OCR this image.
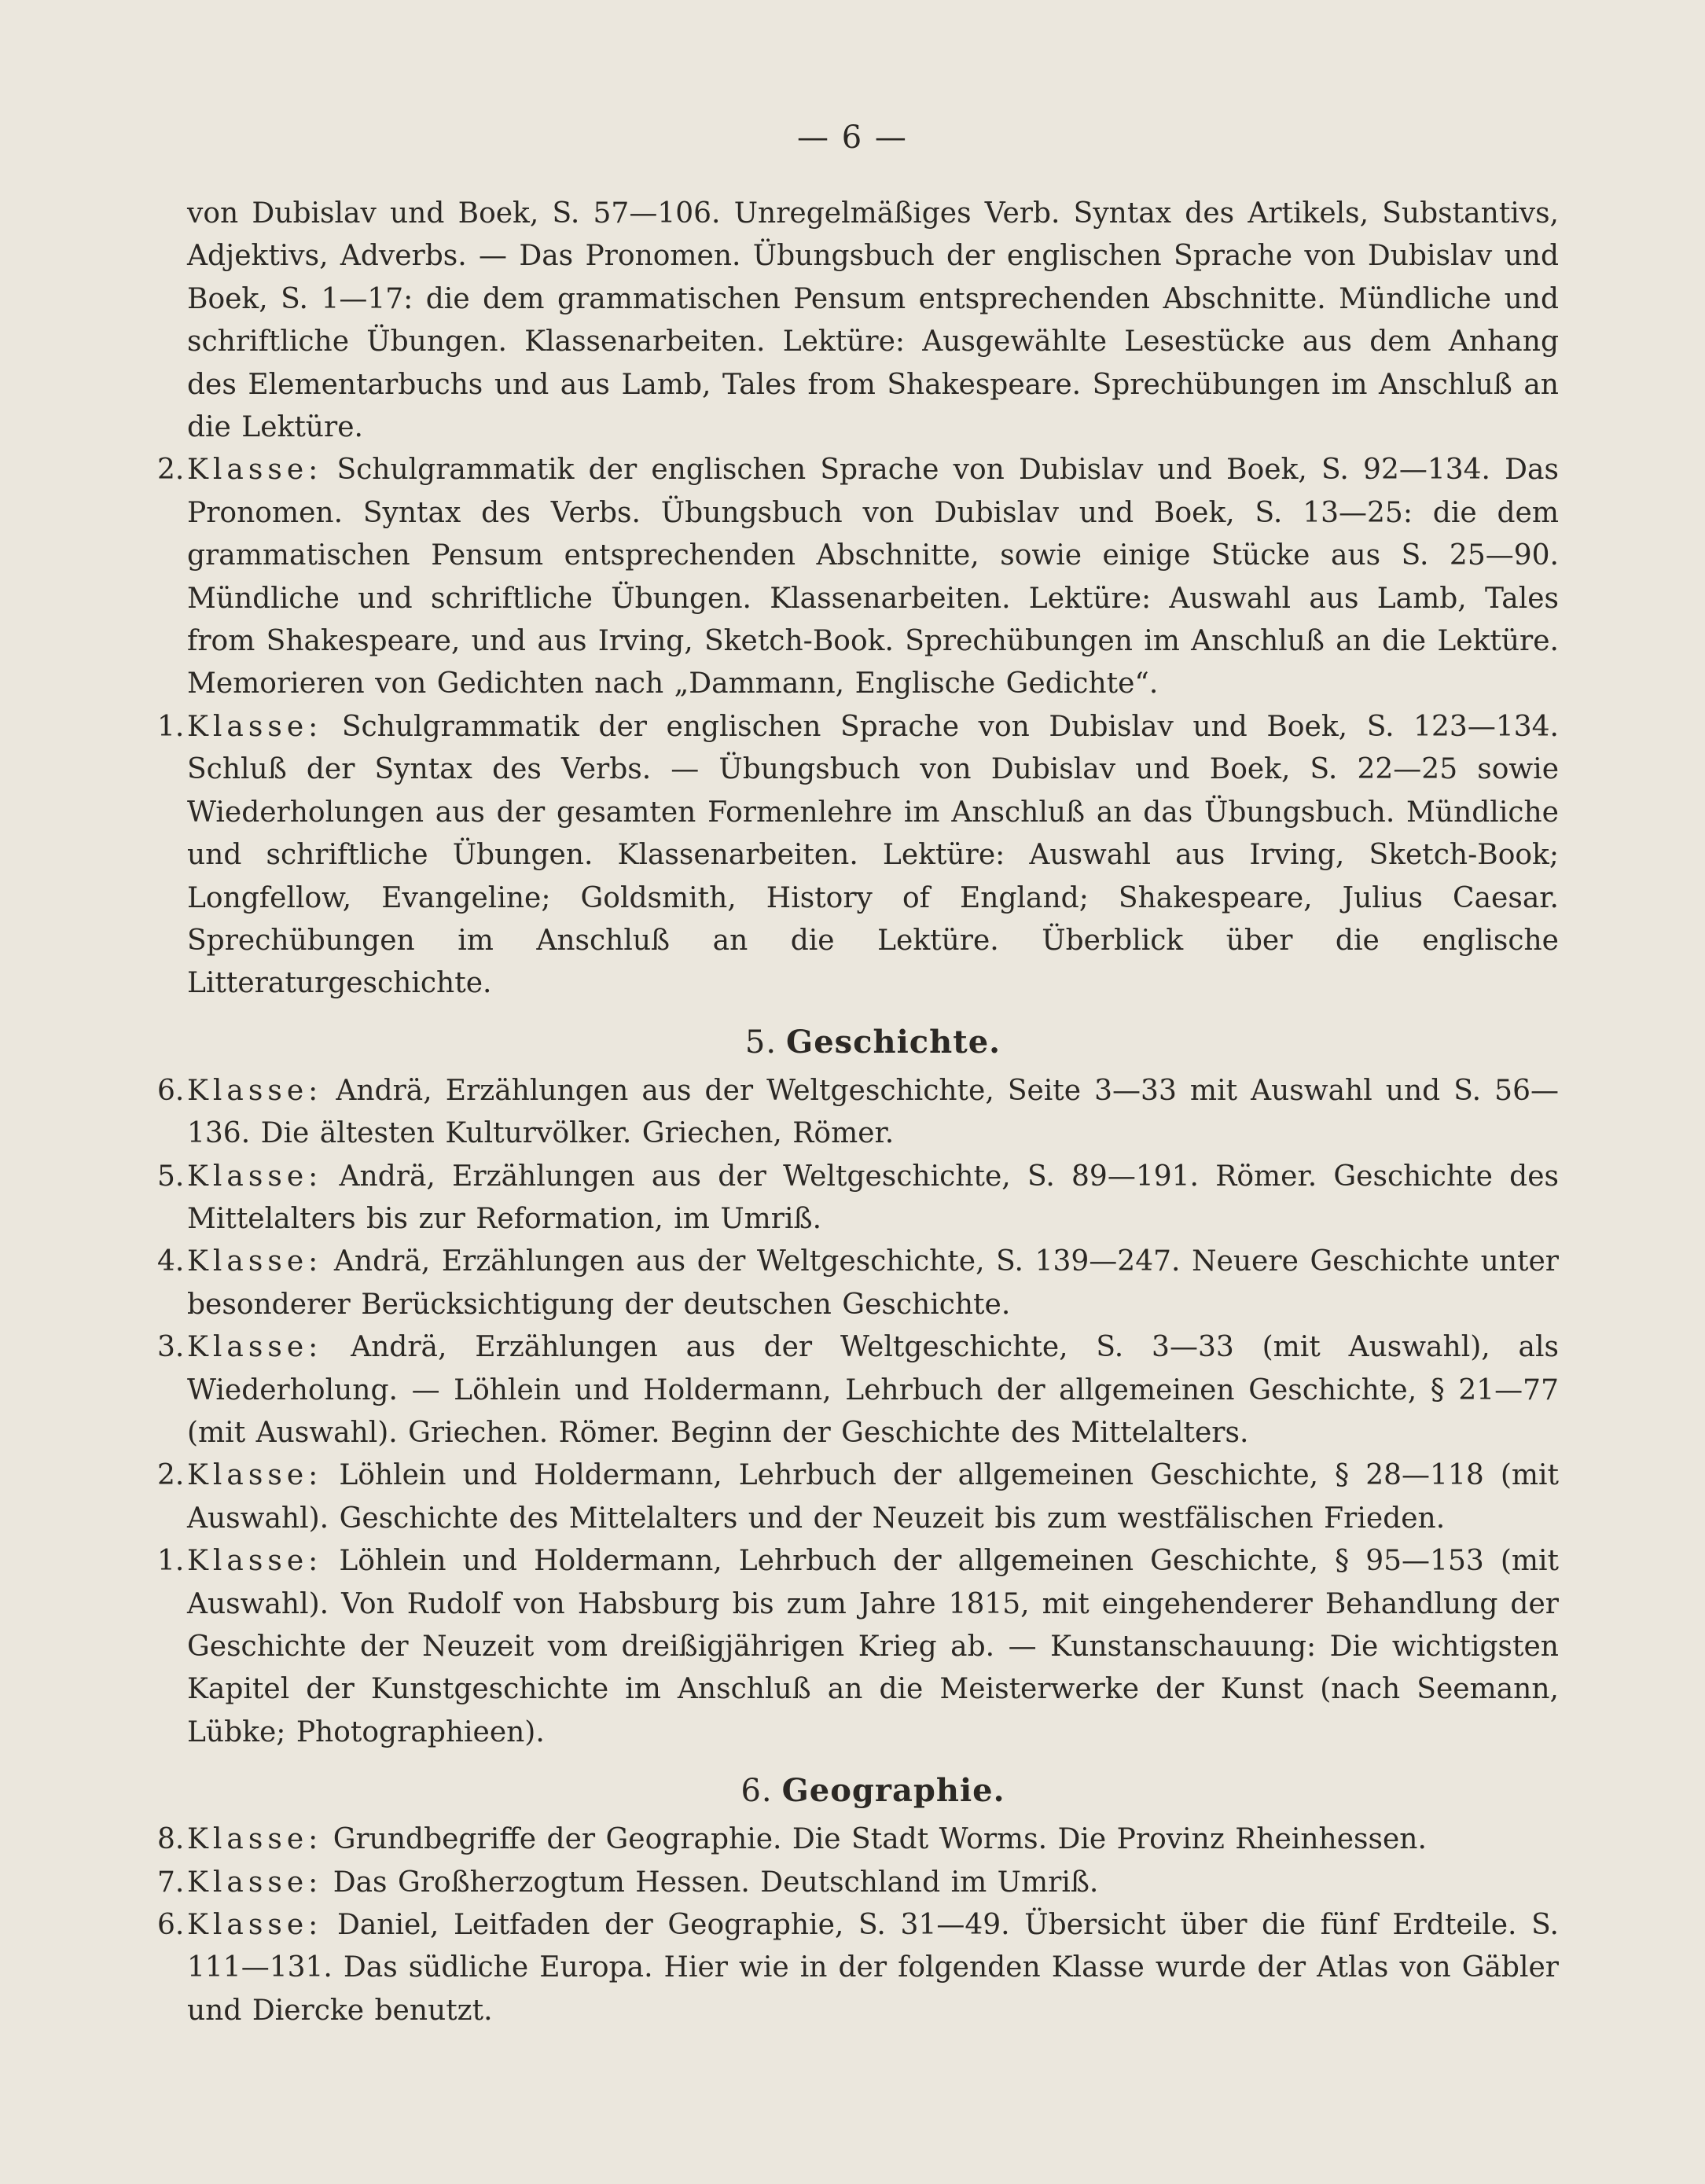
— 6 —

von Dubislav und Boek, S. 57—106. Unregelmäßiges Verb. Syntax des Artikels, Substantivs, Adjektivs, Adverbs. — Das Pronomen. Übungsbuch der englischen Sprache von Dubislav und Boek, S. 1—17: die dem grammatischen Pensum entsprechenden Abschnitte. Mündliche und schriftliche Übungen. Klassenarbeiten. Lektüre: Ausgewählte Lesestücke aus dem Anhang des Elementarbuchs und aus Lamb, Tales from Shakespeare. Sprechübungen im Anschluß an die Lektüre.

2. Klasse: Schulgrammatik der englischen Sprache von Dubislav und Boek, S. 92—134. Das Pronomen. Syntax des Verbs. Übungsbuch von Dubislav und Boek, S. 13—25: die dem grammatischen Pensum entsprechenden Abschnitte, sowie einige Stücke aus S. 25—90. Mündliche und schriftliche Übungen. Klassenarbeiten. Lektüre: Auswahl aus Lamb, Tales from Shakespeare, und aus Irving, Sketch-Book. Sprechübungen im Anschluß an die Lektüre. Memorieren von Gedichten nach „Dammann, Englische Gedichte“.

1. Klasse: Schulgrammatik der englischen Sprache von Dubislav und Boek, S. 123—134. Schluß der Syntax des Verbs. — Übungsbuch von Dubislav und Boek, S. 22—25 sowie Wiederholungen aus der gesamten Formenlehre im Anschluß an das Übungsbuch. Mündliche und schriftliche Übungen. Klassenarbeiten. Lektüre: Auswahl aus Irving, Sketch-Book; Longfellow, Evangeline; Goldsmith, History of England; Shakespeare, Julius Caesar. Sprechübungen im Anschluß an die Lektüre. Überblick über die englische Litteraturgeschichte.

5. Geschichte.

6. Klasse: Andrä, Erzählungen aus der Weltgeschichte, Seite 3—33 mit Auswahl und S. 56—136. Die ältesten Kulturvölker. Griechen, Römer.

5. Klasse: Andrä, Erzählungen aus der Weltgeschichte, S. 89—191. Römer. Geschichte des Mittelalters bis zur Reformation, im Umriß.

4. Klasse: Andrä, Erzählungen aus der Weltgeschichte, S. 139—247. Neuere Geschichte unter besonderer Berücksichtigung der deutschen Geschichte.

3. Klasse: Andrä, Erzählungen aus der Weltgeschichte, S. 3—33 (mit Auswahl), als Wiederholung. — Löhlein und Holdermann, Lehrbuch der allgemeinen Geschichte, § 21—77 (mit Auswahl). Griechen. Römer. Beginn der Geschichte des Mittelalters.

2. Klasse: Löhlein und Holdermann, Lehrbuch der allgemeinen Geschichte, § 28—118 (mit Auswahl). Geschichte des Mittelalters und der Neuzeit bis zum westfälischen Frieden.

1. Klasse: Löhlein und Holdermann, Lehrbuch der allgemeinen Geschichte, § 95—153 (mit Auswahl). Von Rudolf von Habsburg bis zum Jahre 1815, mit eingehenderer Behandlung der Geschichte der Neuzeit vom dreißigjährigen Krieg ab. — Kunstanschauung: Die wichtigsten Kapitel der Kunstgeschichte im Anschluß an die Meisterwerke der Kunst (nach Seemann, Lübke; Photographieen).

6. Geographie.

8. Klasse: Grundbegriffe der Geographie. Die Stadt Worms. Die Provinz Rheinhessen.

7. Klasse: Das Großherzogtum Hessen. Deutschland im Umriß.

6. Klasse: Daniel, Leitfaden der Geographie, S. 31—49. Übersicht über die fünf Erdteile. S. 111—131. Das südliche Europa. Hier wie in der folgenden Klasse wurde der Atlas von Gäbler und Diercke benutzt.
